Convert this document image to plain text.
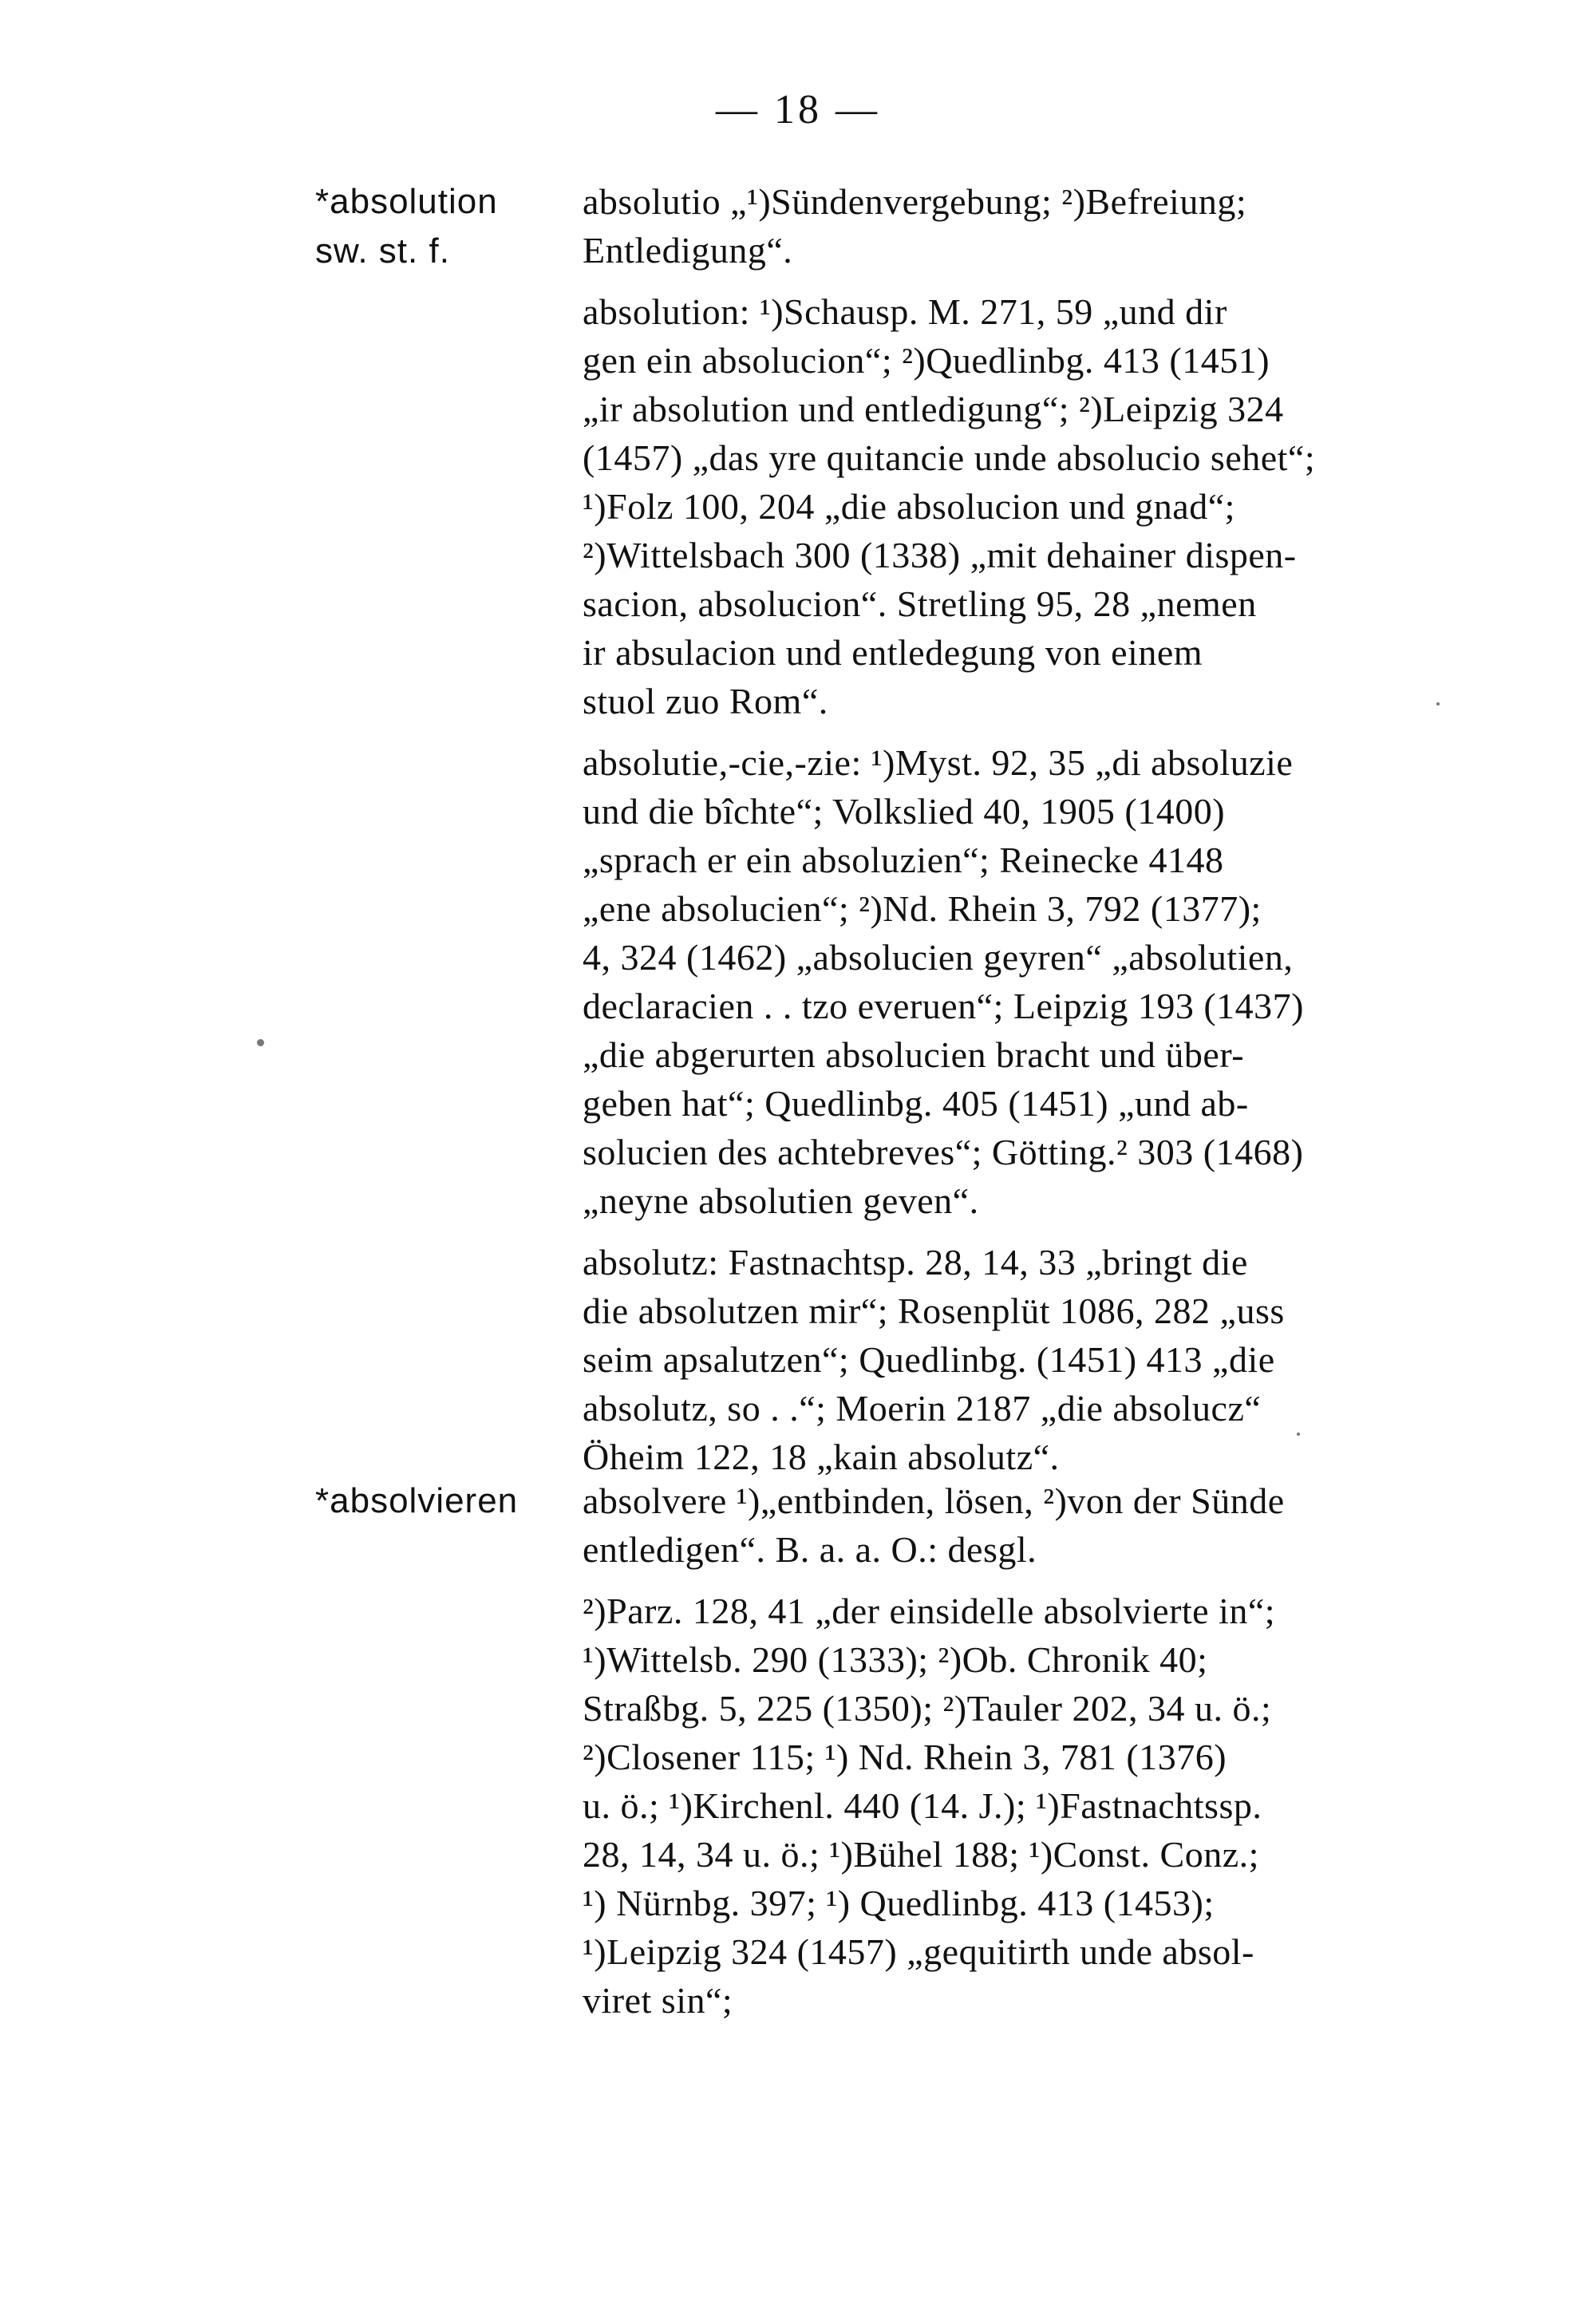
— 18 —
*absolution
sw. st. f.
absolutio „¹)Sündenvergebung; ²)Befreiung;
Entledigung“.
absolution: ¹)Schausp. M. 271, 59 „und dir
gen ein absolucion“; ²)Quedlinbg. 413 (1451)
„ir absolution und entledigung“; ²)Leipzig 324
(1457) „das yre quitancie unde absolucio sehet“;
¹)Folz 100, 204 „die absolucion und gnad“;
²)Wittelsbach 300 (1338) „mit dehainer dispen-
sacion, absolucion“. Stretling 95, 28 „nemen
ir absulacion und entledegung von einem
stuol zuo Rom“.
absolutie,-cie,-zie: ¹)Myst. 92, 35 „di absoluzie
und die bîchte“; Volkslied 40, 1905 (1400)
„sprach er ein absoluzien“; Reinecke 4148
„ene absolucien“; ²)Nd. Rhein 3, 792 (1377);
4, 324 (1462) „absolucien geyren“ „absolutien,
declaracien . . tzo everuen“; Leipzig 193 (1437)
„die abgerurten absolucien bracht und über-
geben hat“; Quedlinbg. 405 (1451) „und ab-
solucien des achtebreves“; Götting.² 303 (1468)
„neyne absolutien geven“.
absolutz: Fastnachtsp. 28, 14, 33 „bringt die
die absolutzen mir“; Rosenplüt 1086, 282 „uss
seim apsalutzen“; Quedlinbg. (1451) 413 „die
absolutz, so . .“; Moerin 2187 „die absolucz“
Öheim 122, 18 „kain absolutz“.
*absolvieren	absolvere ¹)„entbinden, lösen, ²)von der Sünde
entledigen“. B. a. a. O.: desgl.
²)Parz. 128, 41 „der einsidelle absolvierte in“;
¹)Wittelsb. 290 (1333); ²)Ob. Chronik 40;
Straßbg. 5, 225 (1350); ²)Tauler 202, 34 u. ö.;
²)Closener 115; ¹) Nd. Rhein 3, 781 (1376)
u. ö.; ¹)Kirchenl. 440 (14. J.); ¹)Fastnachtssp.
28, 14, 34 u. ö.; ¹)Bühel 188; ¹)Const. Conz.;
¹) Nürnbg. 397; ¹) Quedlinbg. 413 (1453);
¹)Leipzig 324 (1457) „gequitirth unde absol-
viret sin“;
